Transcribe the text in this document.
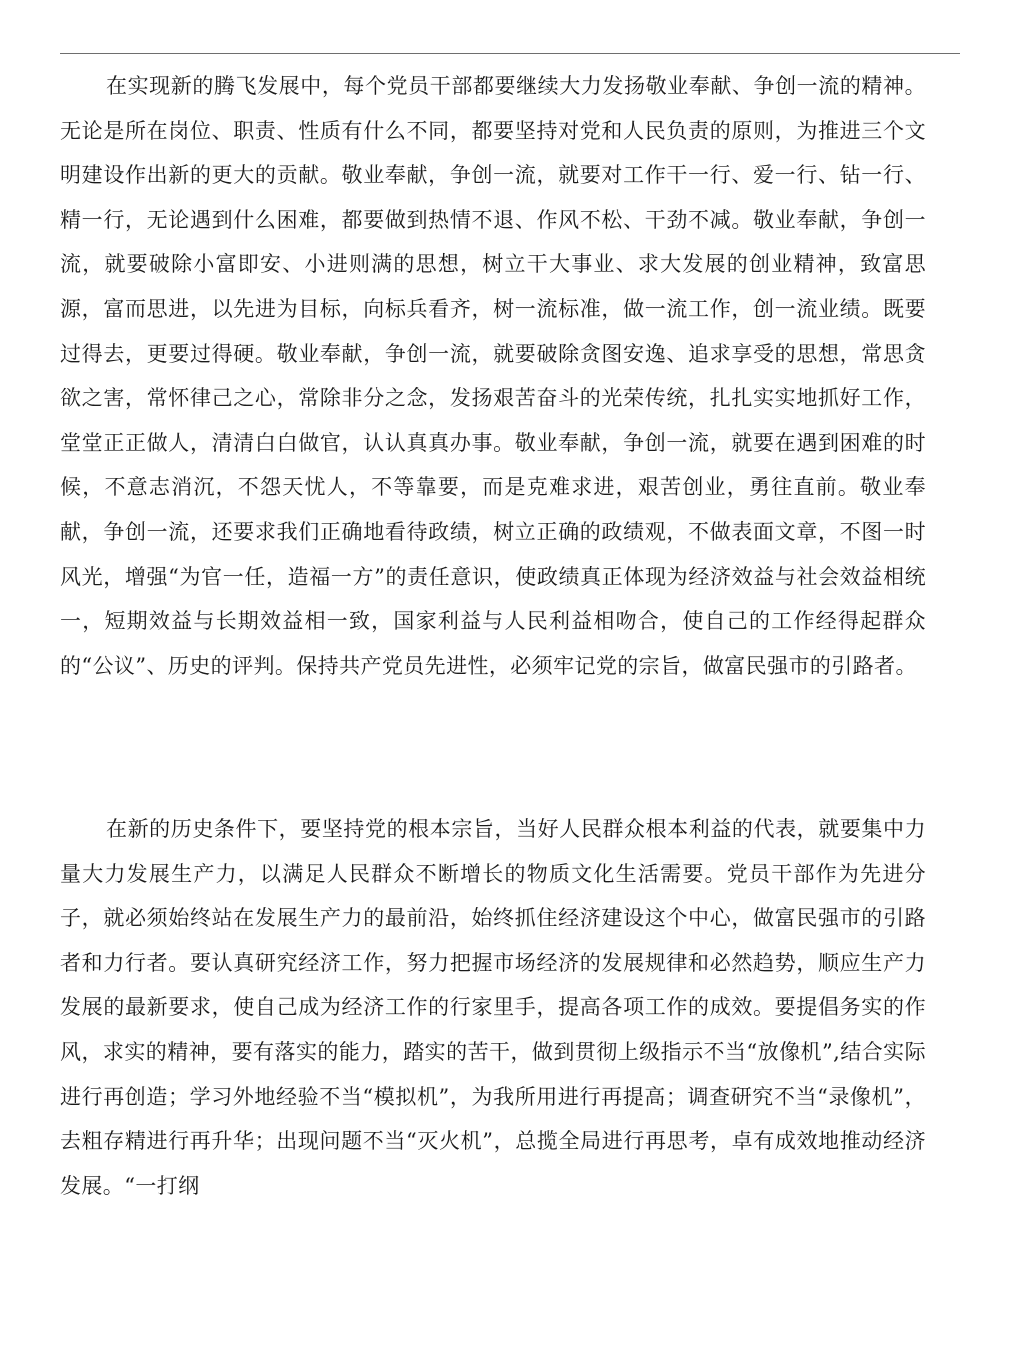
在实现新的腾飞发展中，每个党员干部都要继续大力发扬敬业奉献、争创一流的精神。无论是所在岗位、职责、性质有什么不同，都要坚持对党和人民负责的原则，为推进三个文明建设作出新的更大的贡献。敬业奉献，争创一流，就要对工作干一行、爱一行、钻一行、精一行，无论遇到什么困难，都要做到热情不退、作风不松、干劲不减。敬业奉献，争创一流，就要破除小富即安、小进则满的思想，树立干大事业、求大发展的创业精神，致富思源，富而思进，以先进为目标，向标兵看齐，树一流标准，做一流工作，创一流业绩。既要过得去，更要过得硬。敬业奉献，争创一流，就要破除贪图安逸、追求享受的思想，常思贪欲之害，常怀律己之心，常除非分之念，发扬艰苦奋斗的光荣传统，扎扎实实地抓好工作，堂堂正正做人，清清白白做官，认认真真办事。敬业奉献，争创一流，就要在遇到困难的时候，不意志消沉，不怨天忧人，不等靠要，而是克难求进，艰苦创业，勇往直前。敬业奉献，争创一流，还要求我们正确地看待政绩，树立正确的政绩观，不做表面文章，不图一时风光，增强“为官一任，造福一方”的责任意识，使政绩真正体现为经济效益与社会效益相统一，短期效益与长期效益相一致，国家利益与人民利益相吻合，使自己的工作经得起群众的“公议”、历史的评判。保持共产党员先进性，必须牢记党的宗旨，做富民强市的引路者。

在新的历史条件下，要坚持党的根本宗旨，当好人民群众根本利益的代表，就要集中力量大力发展生产力，以满足人民群众不断增长的物质文化生活需要。党员干部作为先进分子，就必须始终站在发展生产力的最前沿，始终抓住经济建设这个中心，做富民强市的引路者和力行者。要认真研究经济工作，努力把握市场经济的发展规律和必然趋势，顺应生产力发展的最新要求，使自己成为经济工作的行家里手，提高各项工作的成效。要提倡务实的作风，求实的精神，要有落实的能力，踏实的苦干，做到贯彻上级指示不当“放像机”,结合实际进行再创造；学习外地经验不当“模拟机”，为我所用进行再提高；调查研究不当“录像机”，去粗存精进行再升华；出现问题不当“灭火机”，总揽全局进行再思考，卓有成效地推动经济发展。“一打纲
